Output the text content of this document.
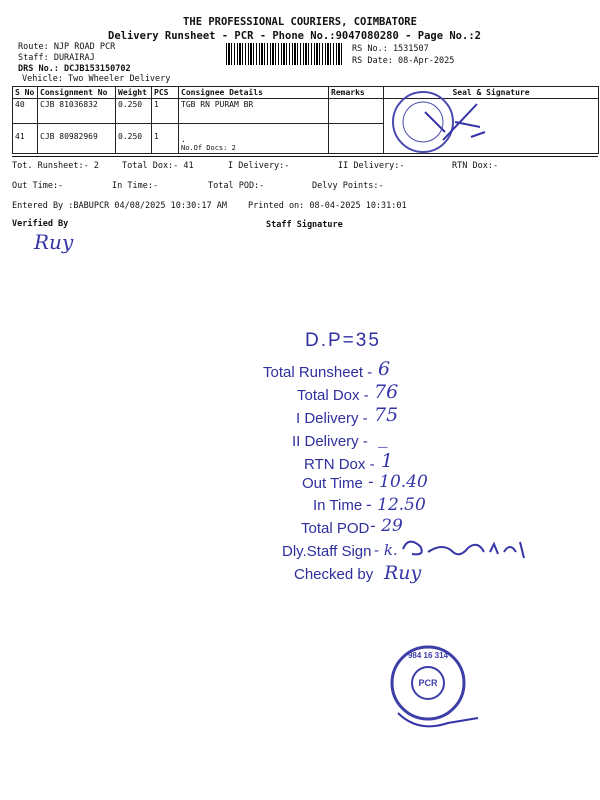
THE PROFESSIONAL COURIERS, COIMBATORE
Delivery Runsheet - PCR - Phone No.:9047080280 - Page No.:2
Route: NJP ROAD PCR
Staff: DURAIRAJ
DRS No.: DCJB153150702
Vehicle: Two Wheeler Delivery
RS No.: 1531507
RS Date: 08-Apr-2025
S No	Consignment No	Weight	PCS	Consignee Details	Remarks	Seal & Signature
40	CJB 81036832	0.250	1	TGB RN PURAM BR		
41	CJB 80982969	0.250	1	.
No.Of Docs: 2		

Tot. Runsheet:- 2	Total Dox:- 41	I Delivery:-	II Delivery:-	RTN Dox:-
Out Time:-	In Time:-	Total POD:-	Delvy Points:-
Entered By :BABUPCR 04/08/2025 10:30:17 AM Printed on: 08-04-2025 10:31:01
Verified By	Staff Signature
Ruy
D.P=35
Total Runsheet - 6
Total Dox - 76
I Delivery - 75
II Delivery - _
RTN Dox - 1
Out Time - 10.40
In Time - 12.50
Total POD - 29
Dly.Staff Sign - k.
Checked by Ruy
PCR
984 16 314
